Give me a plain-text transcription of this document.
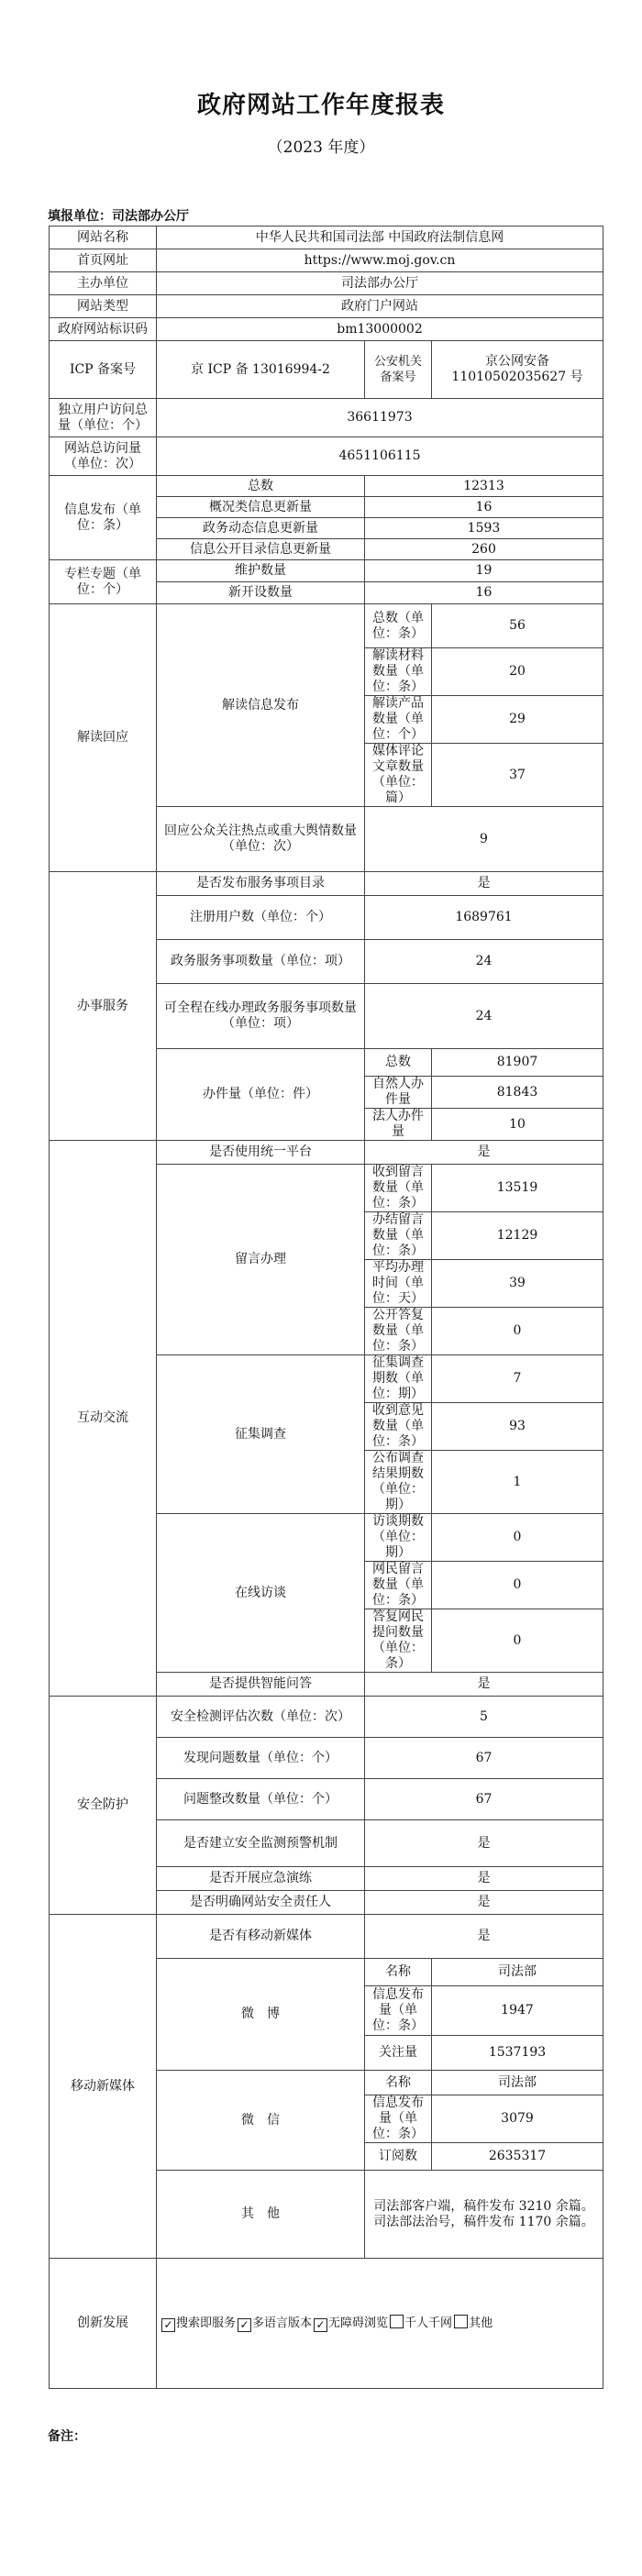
政府网站工作年度报表
（2023 年度）
填报单位：司法部办公厅
网站名称	中华人民共和国司法部 中国政府法制信息网		
首页网址	https://www.moj.gov.cn		
主办单位	司法部办公厅		
网站类型	政府门户网站		
政府网站标识码	bm13000002		
ICP 备案号	京 ICP 备 13016994-2	公安机关备案号	京公网安备 11010502035627 号
独立用户访问总量（单位：个）	36611973		
网站总访问量（单位：次）	4651106115		
信息发布（单位：条）	总数	12313	
	概况类信息更新量	16	
	政务动态信息更新量	1593	
	信息公开目录信息更新量	260	
专栏专题（单位：个）	维护数量	19	
	新开设数量	16	
解读回应	解读信息发布	总数（单位：条）	56
		解读材料数量（单位：条）	20
		解读产品数量（单位：个）	29
		媒体评论文章数量（单位：篇）	37
	回应公众关注热点或重大舆情数量（单位：次）	9	
办事服务	是否发布服务事项目录	是	
	注册用户数（单位：个）	1689761	
	政务服务事项数量（单位：项）	24	
	可全程在线办理政务服务事项数量（单位：项）	24	
	办件量（单位：件）	总数	81907
		自然人办件量	81843
		法人办件量	10
互动交流	是否使用统一平台	是	
	留言办理	收到留言数量（单位：条）	13519
		办结留言数量（单位：条）	12129
		平均办理时间（单位：天）	39
		公开答复数量（单位：条）	0
	征集调查	征集调查期数（单位：期）	7
		收到意见数量（单位：条）	93
		公布调查结果期数（单位：期）	1
	在线访谈	访谈期数（单位：期）	0
		网民留言数量（单位：条）	0
		答复网民提问数量（单位：条）	0
	是否提供智能问答	是	
安全防护	安全检测评估次数（单位：次）	5	
	发现问题数量（单位：个）	67	
	问题整改数量（单位：个）	67	
	是否建立安全监测预警机制	是	
	是否开展应急演练	是	
	是否明确网站安全责任人	是	
移动新媒体	是否有移动新媒体	是	
	微　博	名称	司法部
		信息发布量（单位：条）	1947
		关注量	1537193
	微　信	名称	司法部
		信息发布量（单位：条）	3079
		订阅数	2635317
	其　他	司法部客户端，稿件发布 3210 余篇。 司法部法治号，稿件发布 1170 余篇。	
创新发展	✓ 搜索即服务 ✓ 多语言版本 ✓ 无障碍浏览 千人千网 其他		
备注：
